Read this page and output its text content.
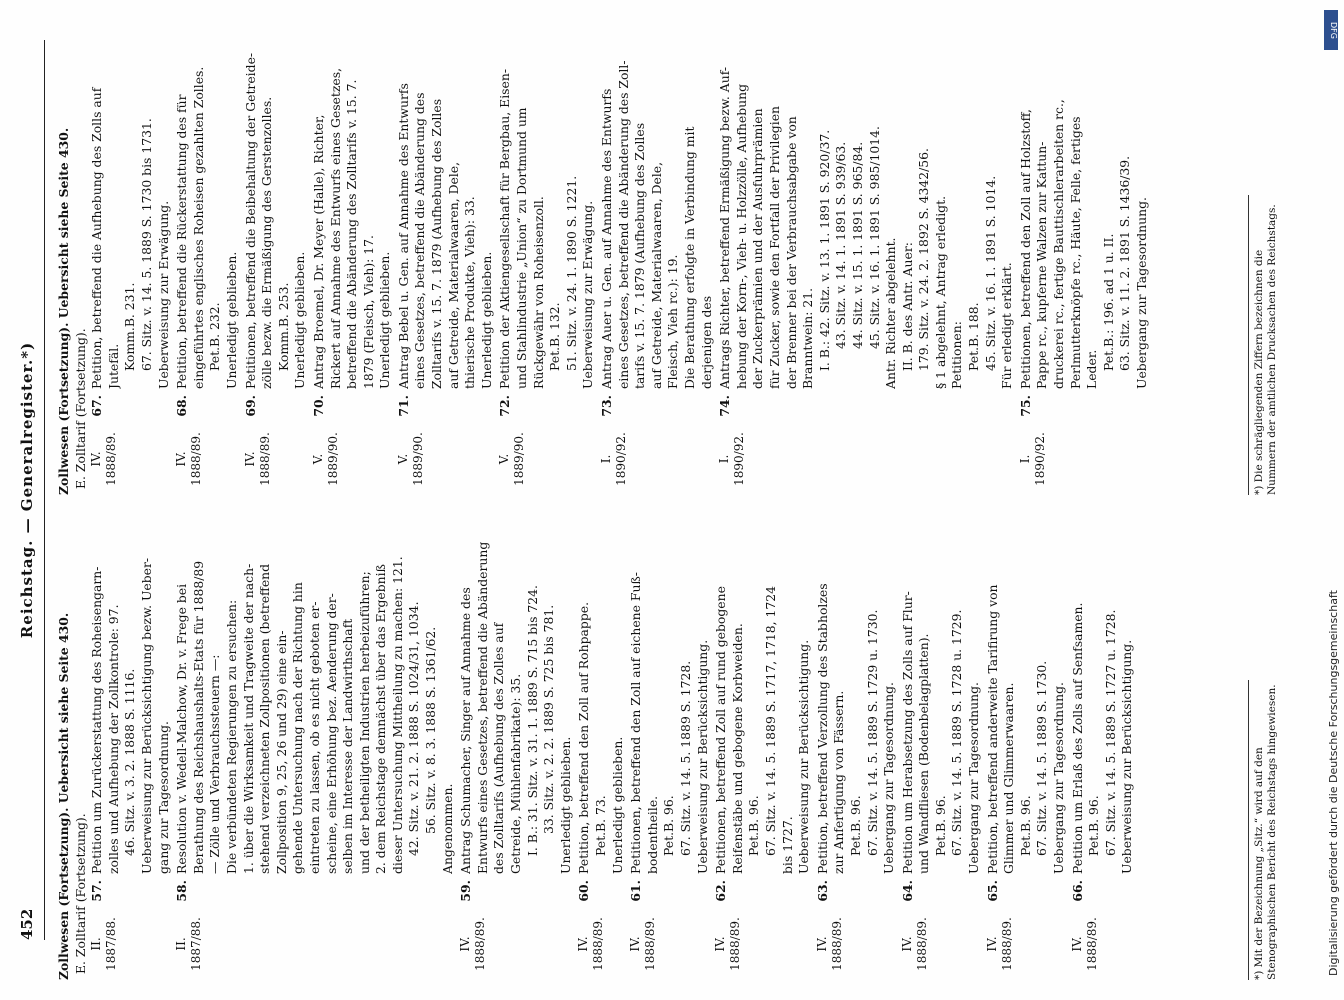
452
Reichstag. — Generalregister.*)
Zollwesen (Fortsetzung). Uebersicht siehe Seite 430. E. Zolltarif (Fortsetzung). II. 1887/88.
57.
Petition um Zurückerstattung des Roheisengarn- zolles und Aufhebung der Zollkontrole: 97. 46. Sitz. v. 3. 2. 1888 S. 1116. Ueberweisung zur Berücksichtigung bezw. Ueber- gang zur Tagesordnung.
II. 1887/88.
58.
Resolution v. Wedell-Malchow, Dr. v. Frege bei Berathung des Reichshaushalts-Etats für 1888/89 — Zölle und Verbrauchssteuern —: Die verbündeten Regierungen zu ersuchen: 1. über die Wirksamkeit und Tragweite der nach- stehend verzeichneten Zollpositionen (betreffend Zollposition 9, 25, 26 und 29) eine ein- gehende Untersuchung nach der Richtung hin eintreten zu lassen, ob es nicht geboten er- scheine, eine Erhöhung bez. Aenderung der- selben im Interesse der Landwirthschaft und der betheiligten Industrien herbeizuführen; 2. dem Reichstage demnächst über das Ergebniß dieser Untersuchung Mittheilung zu machen: 121. 42. Sitz. v. 21. 2. 1888 S. 1024/31, 1034. 56. Sitz. v. 8. 3. 1888 S. 1361/62. Angenommen.
IV. 1888/89.
59.
Antrag Schumacher, Singer auf Annahme des Entwurfs eines Gesetzes, betreffend die Abänderung des Zolltarifs (Aufhebung des Zolles auf Getreide, Mühlenfabrikate): 35. I. B.: 31. Sitz. v. 31. 1. 1889 S. 715 bis 724. 33. Sitz. v. 2. 2. 1889 S. 725 bis 781. Unerledigt geblieben.
IV. 1888/89.
60.
Petition, betreffend den Zoll auf Rohpappe. Pet.B. 73. Unerledigt geblieben.
IV. 1888/89.
61.
Petitionen, betreffend den Zoll auf eichene Fuß- bodentheile. Pet.B. 96. 67. Sitz. v. 14. 5. 1889 S. 1728. Ueberweisung zur Berücksichtigung.
IV. 1888/89.
62.
Petitionen, betreffend Zoll auf rund gebogene Reifenstäbe und gebogene Korbweiden. Pet.B. 96. 67. Sitz. v. 14. 5. 1889 S. 1717, 1718, 1724 bis 1727. Ueberweisung zur Berücksichtigung.
IV. 1888/89.
63.
Petition, betreffend Verzollung des Stabholzes zur Anfertigung von Fässern. Pet.B. 96. 67. Sitz. v. 14. 5. 1889 S. 1729 u. 1730. Uebergang zur Tagesordnung.
IV. 1888/89.
64.
Petition um Herabsetzung des Zolls auf Flur- und Wandfliesen (Bodenbelagplatten). Pet.B. 96. 67. Sitz. v. 14. 5. 1889 S. 1728 u. 1729. Uebergang zur Tagesordnung.
IV. 1888/89.
65.
Petition, betreffend anderweite Tarifirung von Glimmer und Glimmerwaaren. Pet.B. 96. 67. Sitz. v. 14. 5. 1889 S. 1730. Uebergang zur Tagesordnung.
IV. 1888/89.
66.
Petition um Erlaß des Zolls auf Senfsamen. Pet.B. 96. 67. Sitz. v. 14. 5. 1889 S. 1727 u. 1728. Ueberweisung zur Berücksichtigung.
Zollwesen (Fortsetzung). Uebersicht siehe Seite 430. E. Zolltarif (Fortsetzung). IV. 1888/89.
67.
Petition, betreffend die Aufhebung des Zolls auf Jutefäl. Komm.B. 231. 67. Sitz. v. 14. 5. 1889 S. 1730 bis 1731. Ueberweisung zur Erwägung.
IV. 1888/89.
68.
Petition, betreffend die Rückerstattung des für eingeführtes englisches Roheisen gezahlten Zolles. Pet.B. 232. Unerledigt geblieben.
IV. 1888/89.
69.
Petitionen, betreffend die Beibehaltung der Getreide- zölle bezw. die Ermäßigung des Gerstenzolles. Komm.B. 253. Unerledigt geblieben.
V. 1889/90.
70.
Antrag Broemel, Dr. Meyer (Halle), Richter, Rickert auf Annahme des Entwurfs eines Gesetzes, betreffend die Abänderung des Zolltarifs v. 15. 7. 1879 (Fleisch, Vieh): 17. Unerledigt geblieben.
V. 1889/90.
71.
Antrag Bebel u. Gen. auf Annahme des Entwurfs eines Gesetzes, betreffend die Abänderung des Zolltarifs v. 15. 7. 1879 (Aufhebung des Zolles auf Getreide, Materialwaaren, Dele, thierische Produkte, Vieh): 33. Unerledigt geblieben.
V. 1889/90.
72.
Petition der Aktiengesellschaft für Bergbau, Eisen- und Stahlindustrie „Union“ zu Dortmund um Rückgewähr von Roheisenzoll. Pet.B. 132. 51. Sitz. v. 24. 1. 1890 S. 1221. Ueberweisung zur Erwägung.
I. 1890/92.
73.
Antrag Auer u. Gen. auf Annahme des Entwurfs eines Gesetzes, betreffend die Abänderung des Zoll- tarifs v. 15. 7. 1879 (Aufhebung des Zolles auf Getreide, Materialwaaren, Dele, Fleisch, Vieh rc.): 19. Die Berathung erfolgte in Verbindung mit derjenigen des
I. 1890/92.
74.
Antrags Richter, betreffend Ermäßigung bezw. Auf- hebung der Korn-, Vieh- u. Holzzölle, Aufhebung der Zuckerprämien und der Ausfuhrprämien für Zucker, sowie den Fortfall der Privilegien der Brenner bei der Verbrauchsabgabe von Branntwein: 21. I. B.: 42. Sitz. v. 13. 1. 1891 S. 920/37. 43. Sitz. v. 14. 1. 1891 S. 939/63. 44. Sitz. v. 15. 1. 1891 S. 965/84. 45. Sitz. v. 16. 1. 1891 S. 985/1014. Antr. Richter abgelehnt. II. B. des Antr. Auer: 179. Sitz. v. 24. 2. 1892 S. 4342/56. § 1 abgelehnt, Antrag erledigt. Petitionen: Pet.B. 188. 45. Sitz. v. 16. 1. 1891 S. 1014. Für erledigt erklärt.
I. 1890/92.
75.
Petitionen, betreffend den Zoll auf Holzstoff, Pappe rc., kupferne Walzen zur Kattun- druckerei rc., fertige Bauttischlerarbeiten rc., Perlmutterknöpfe rc., Häute, Felle, fertiges Leder. Pet.B.: 196. ad 1 u. II. 63. Sitz. v. 11. 2. 1891 S. 1436/39. Uebergang zur Tagesordnung.
*) Mit der Bezeichnung „Sitz.“ wird auf den Stenographischen Bericht des Reichstags hingewiesen.
*) Die schrägliegenden Ziffern bezeichnen die Nummern der amtlichen Drucksachen des Reichstags.
DFG
Digitalisierung gefördert durch die Deutsche Forschungsgemeinschaft
